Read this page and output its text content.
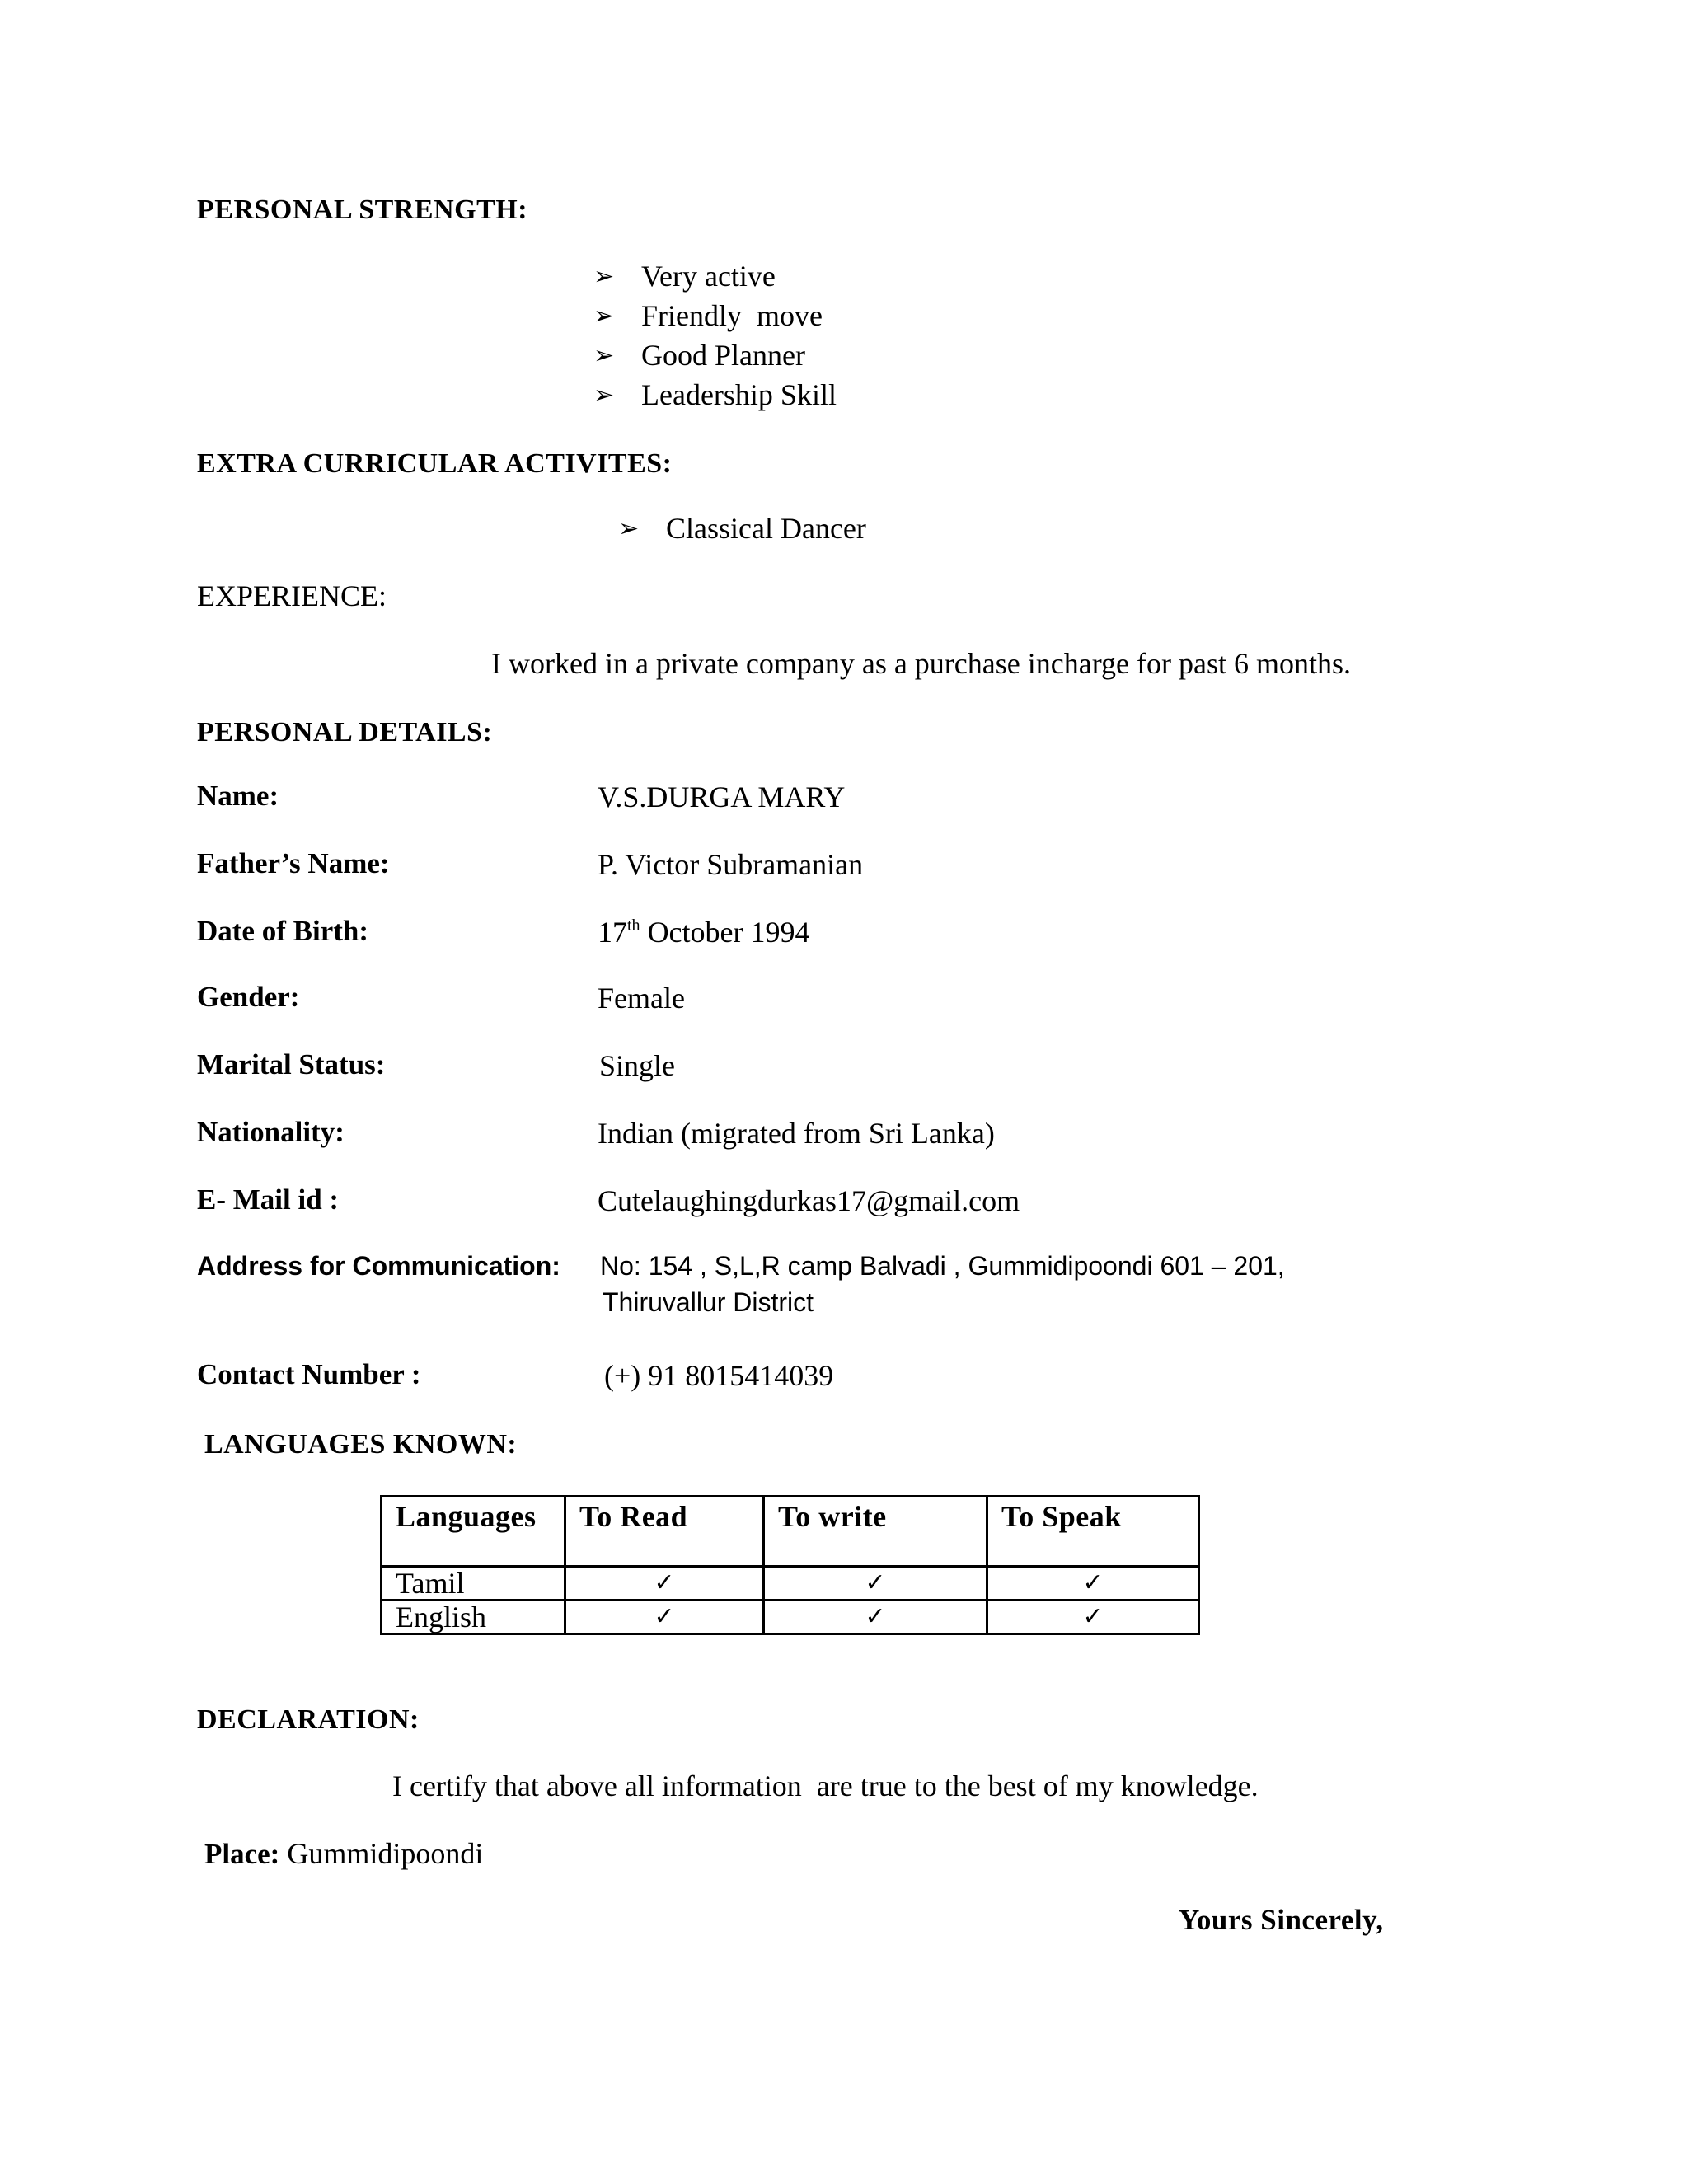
PERSONAL STRENGTH:
➢ Very active
➢ Friendly  move
➢ Good Planner
➢ Leadership Skill
EXTRA CURRICULAR ACTIVITES:
➢ Classical Dancer
EXPERIENCE:
I worked in a private company as a purchase incharge for past 6 months.
PERSONAL DETAILS:
Name:	V.S.DURGA MARY
Father’s Name:	P. Victor Subramanian
Date of Birth:	17th October 1994
Gender:	Female
Marital Status:	Single
Nationality:	Indian (migrated from Sri Lanka)
E- Mail id :	Cutelaughingdurkas17@gmail.com
Address for Communication: No: 154 , S,L,R camp Balvadi , Gummidipoondi 601 – 201,
Thiruvallur District
Contact Number :	(+) 91 8015414039
LANGUAGES KNOWN:
Languages	To Read	To write	To Speak
Tamil	✓	✓	✓
English	✓	✓	✓
DECLARATION:
I certify that above all information  are true to the best of my knowledge.
Place: Gummidipoondi
Yours Sincerely,
